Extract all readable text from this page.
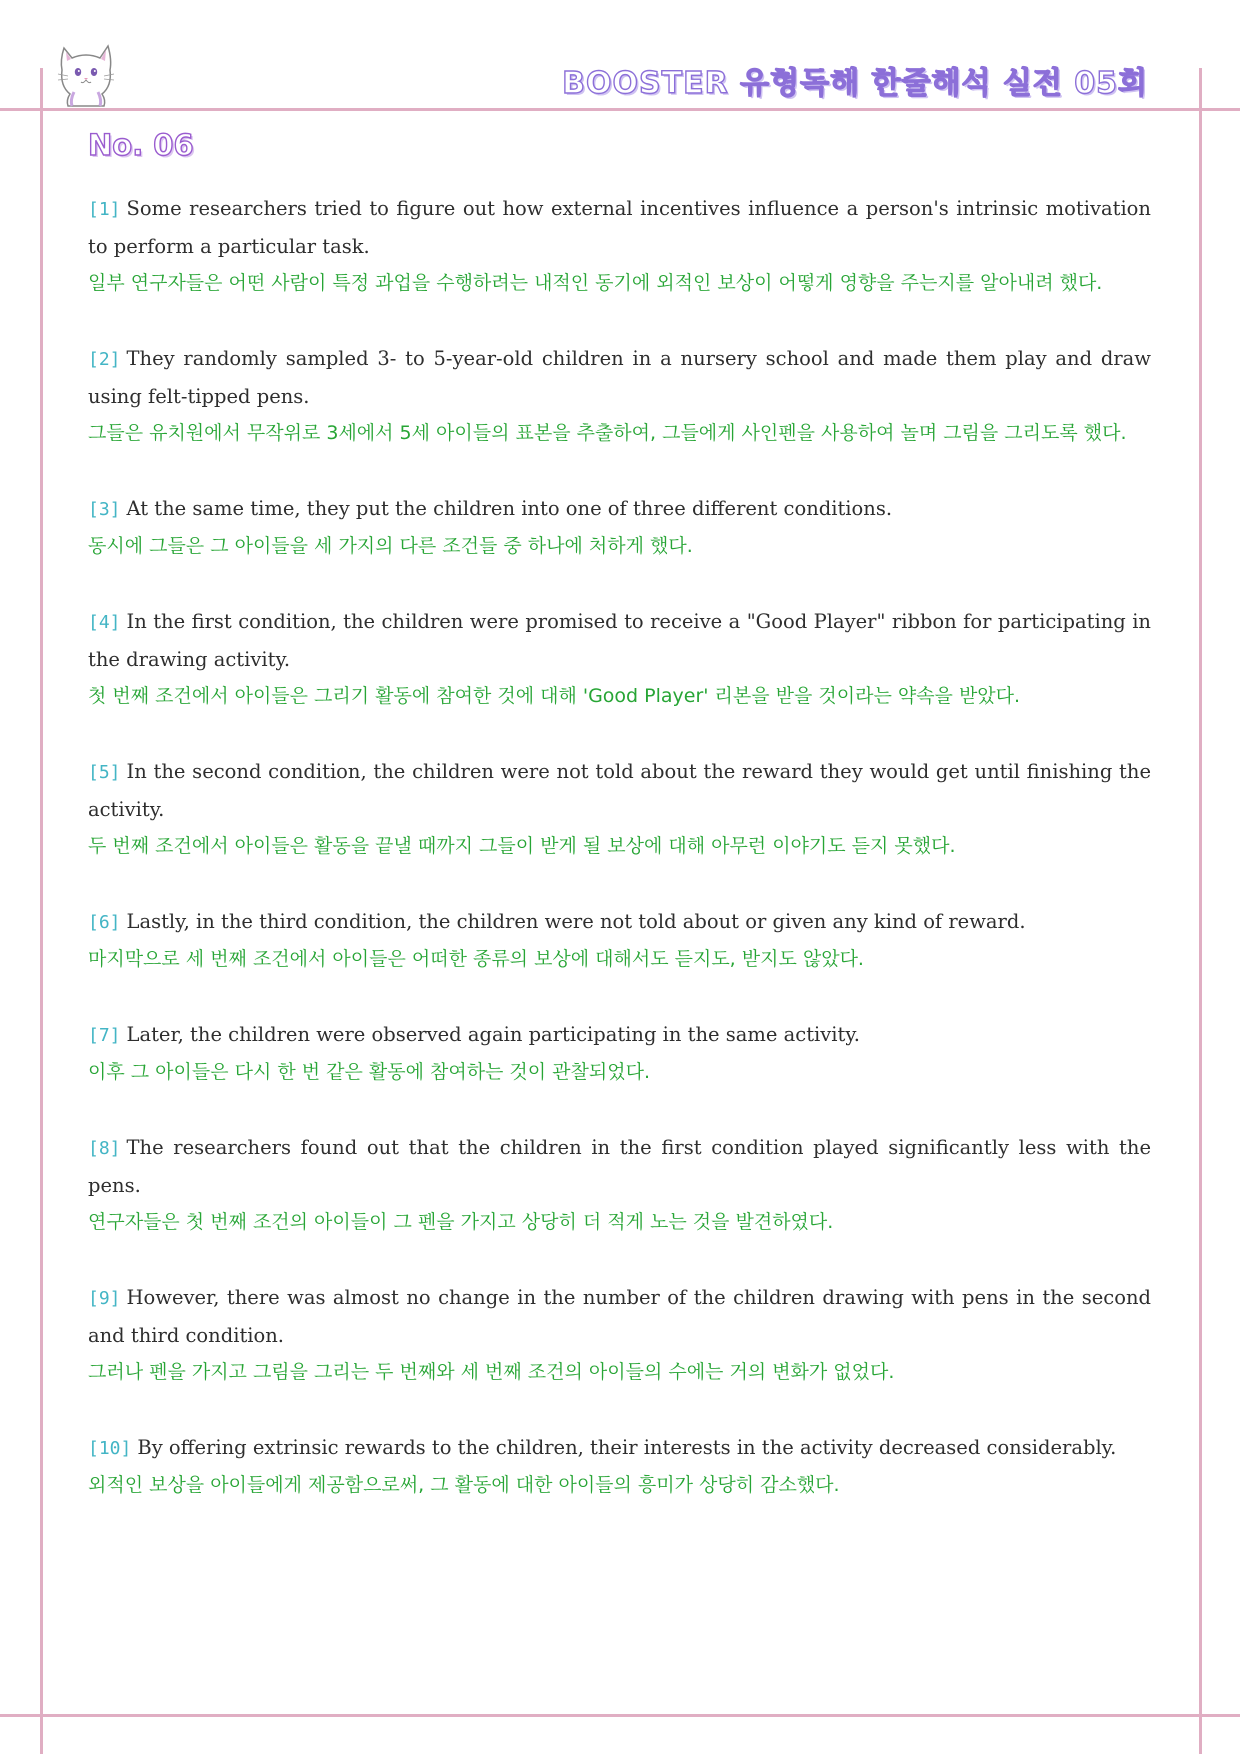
BOOSTER 유형독해 한줄해석 실전 05회
No. 06

[1] Some researchers tried to figure out how external incentives influence a person's intrinsic motivation to perform a particular task.

일부 연구자들은 어떤 사람이 특정 과업을 수행하려는 내적인 동기에 외적인 보상이 어떻게 영향을 주는지를 알아내려 했다.

[2] They randomly sampled 3- to 5-year-old children in a nursery school and made them play and draw using felt-tipped pens.

그들은 유치원에서 무작위로 3세에서 5세 아이들의 표본을 추출하여, 그들에게 사인펜을 사용하여 놀며 그림을 그리도록 했다.

[3] At the same time, they put the children into one of three different conditions.

동시에 그들은 그 아이들을 세 가지의 다른 조건들 중 하나에 처하게 했다.

[4] In the first condition, the children were promised to receive a "Good Player" ribbon for participating in the drawing activity.

첫 번째 조건에서 아이들은 그리기 활동에 참여한 것에 대해 'Good Player' 리본을 받을 것이라는 약속을 받았다.

[5] In the second condition, the children were not told about the reward they would get until finishing the activity.

두 번째 조건에서 아이들은 활동을 끝낼 때까지 그들이 받게 될 보상에 대해 아무런 이야기도 듣지 못했다.

[6] Lastly, in the third condition, the children were not told about or given any kind of reward.

마지막으로 세 번째 조건에서 아이들은 어떠한 종류의 보상에 대해서도 듣지도, 받지도 않았다.

[7] Later, the children were observed again participating in the same activity.

이후 그 아이들은 다시 한 번 같은 활동에 참여하는 것이 관찰되었다.

[8] The researchers found out that the children in the first condition played significantly less with the pens.

연구자들은 첫 번째 조건의 아이들이 그 펜을 가지고 상당히 더 적게 노는 것을 발견하였다.

[9] However, there was almost no change in the number of the children drawing with pens in the second and third condition.

그러나 펜을 가지고 그림을 그리는 두 번째와 세 번째 조건의 아이들의 수에는 거의 변화가 없었다.

[10] By offering extrinsic rewards to the children, their interests in the activity decreased considerably.

외적인 보상을 아이들에게 제공함으로써, 그 활동에 대한 아이들의 흥미가 상당히 감소했다.
